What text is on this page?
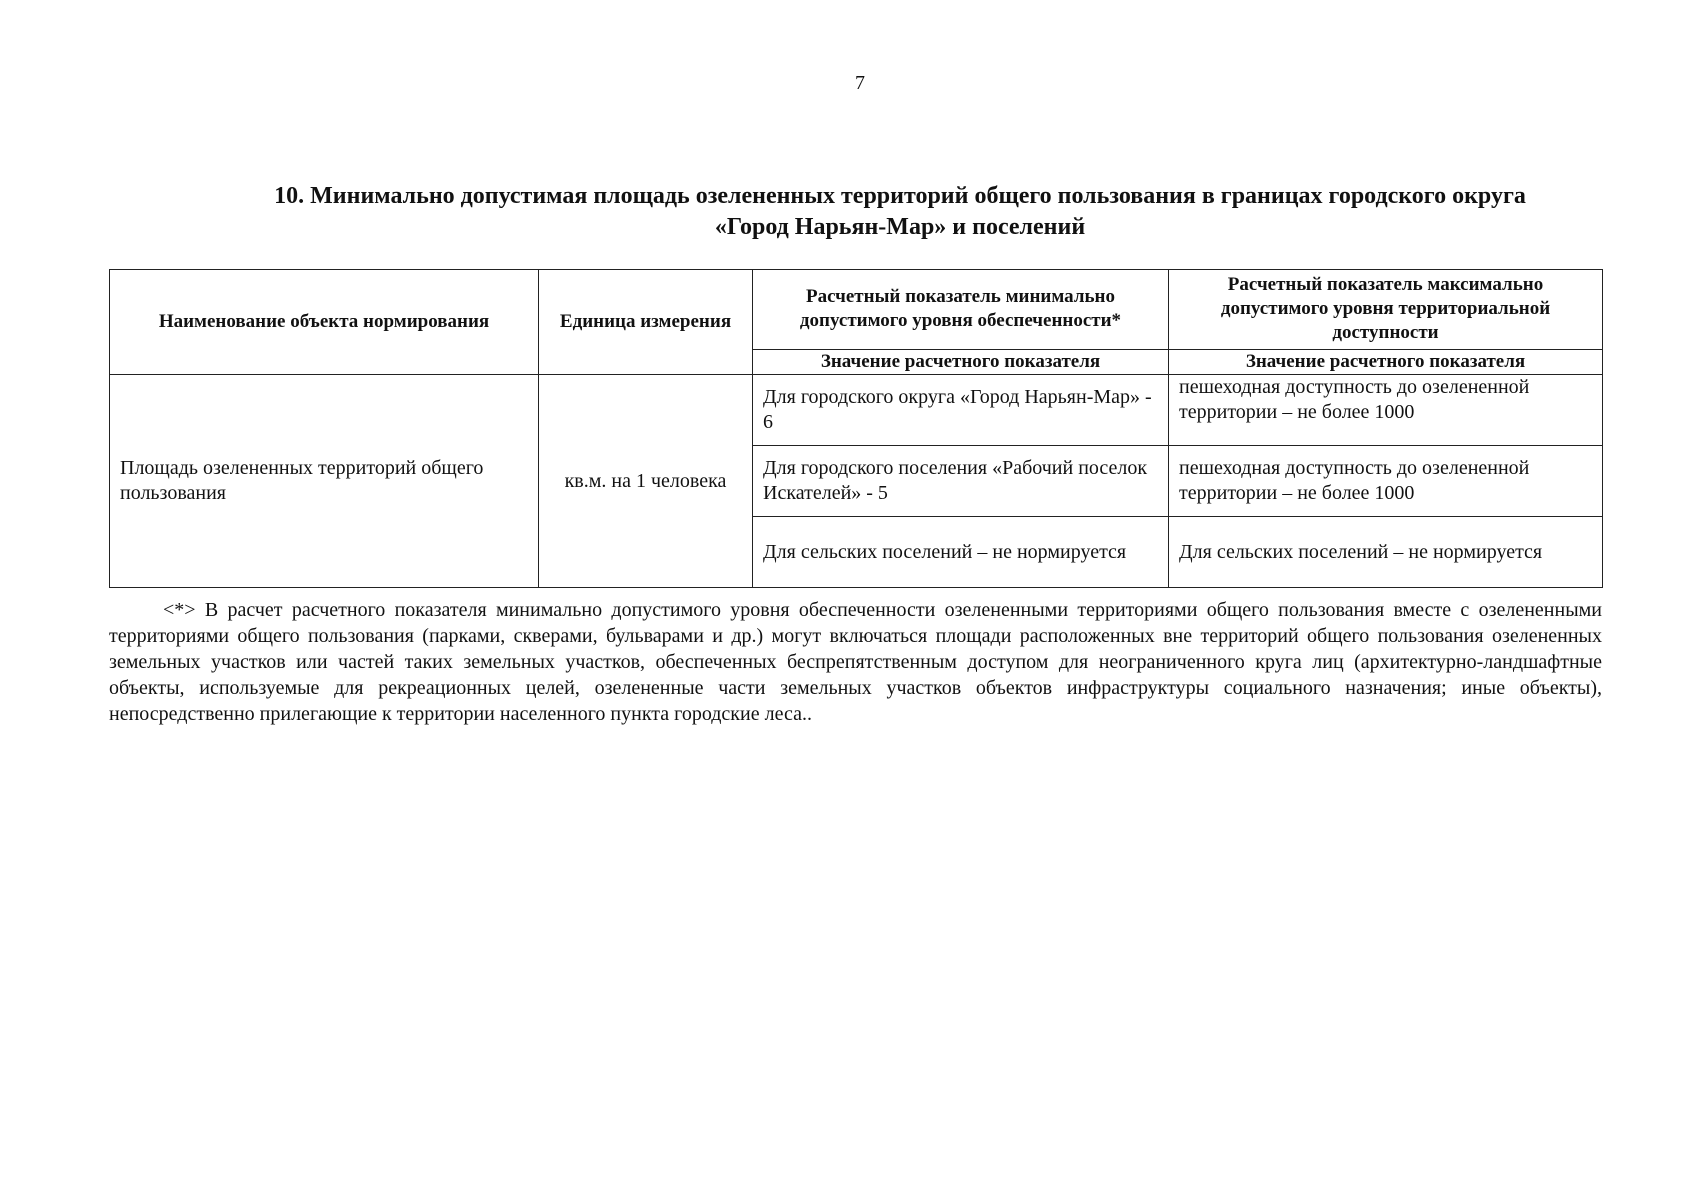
7
10. Минимально допустимая площадь озелененных территорий общего пользования в границах городского округа
«Город Нарьян-Мар» и поселений
Наименование объекта нормирования	Единица измерения	Расчетный показатель минимально допустимого уровня обеспеченности*	Расчетный показатель максимально допустимого уровня территориальной доступности
		Значение расчетного показателя	Значение расчетного показателя
Площадь озелененных территорий общего пользования	кв.м. на 1 человека	Для городского округа «Город Нарьян-Мар» - 6	пешеходная доступность до озелененной территории – не более 1000
		Для городского поселения «Рабочий поселок Искателей» - 5	пешеходная доступность до озелененной территории – не более 1000
		Для сельских поселений – не нормируется	Для сельских поселений – не нормируется
<*> В расчет расчетного показателя минимально допустимого уровня обеспеченности озелененными территориями общего пользования вместе с озелененными территориями общего пользования (парками, скверами, бульварами и др.) могут включаться площади расположенных вне территорий общего пользования озелененных земельных участков или частей таких земельных участков, обеспеченных беспрепятственным доступом для неограниченного круга лиц (архитектурно-ландшафтные объекты, используемые для рекреационных целей, озелененные части земельных участков объектов инфраструктуры социального назначения; иные объекты), непосредственно прилегающие к территории населенного пункта городские леса..
